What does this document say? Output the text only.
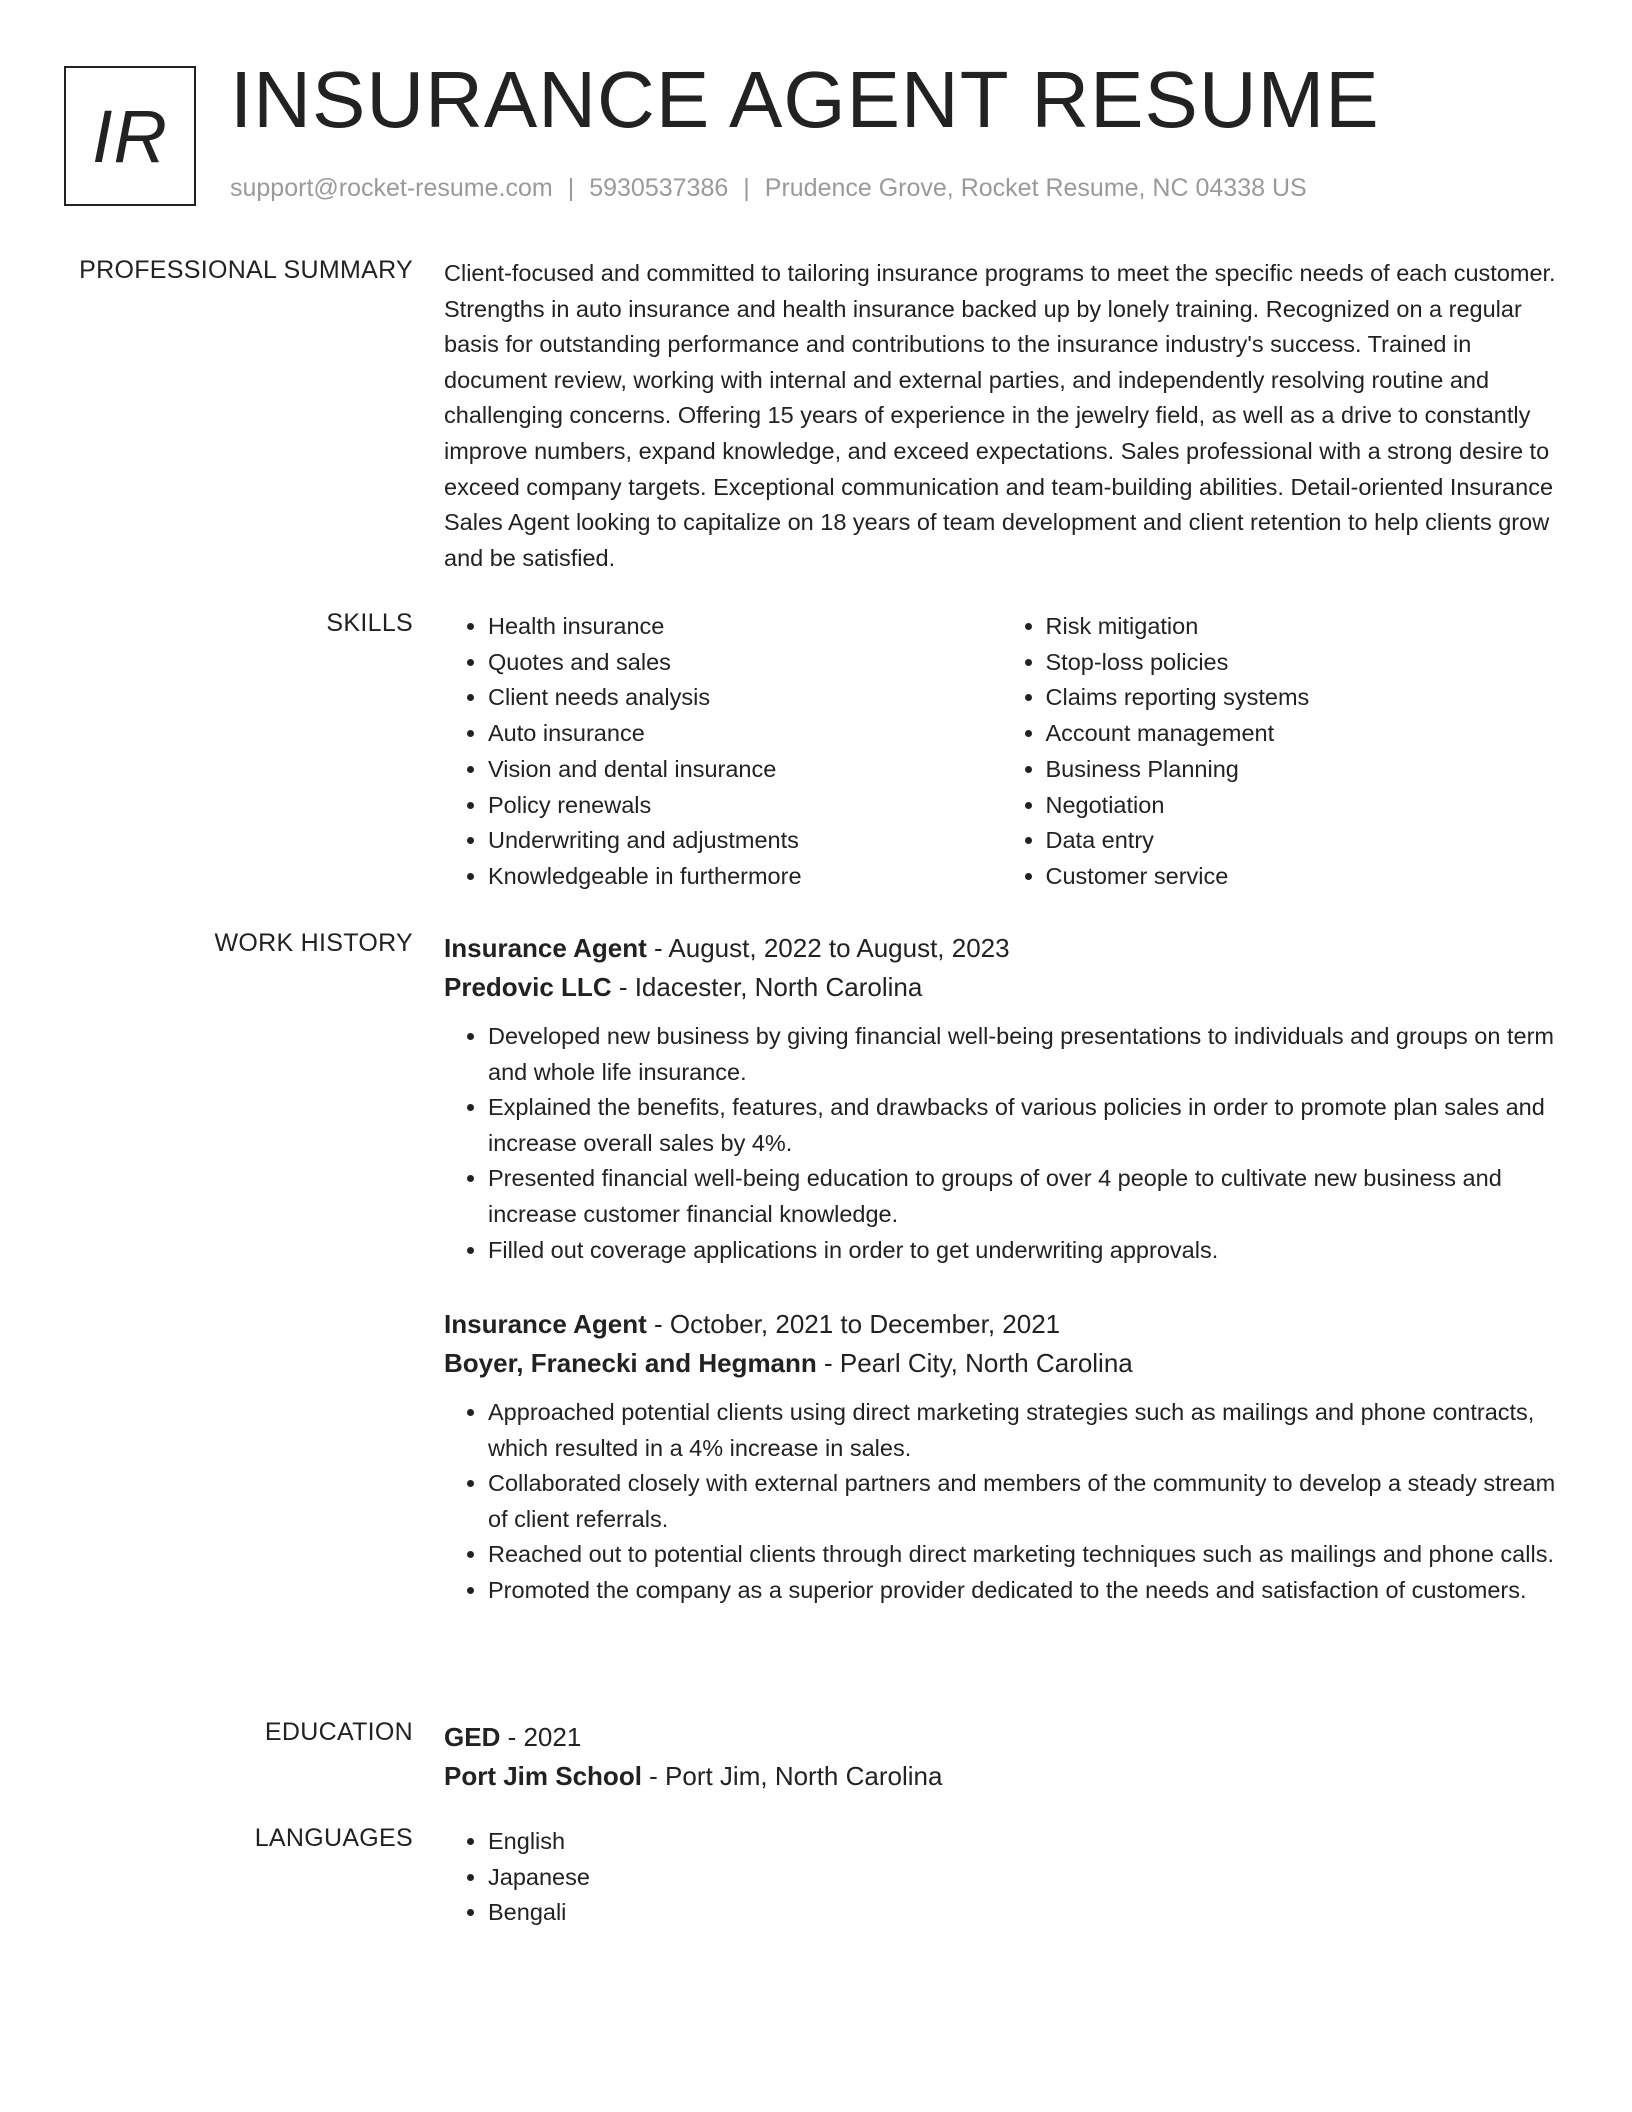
IR INSURANCE AGENT RESUME
support@rocket-resume.com | 5930537386 | Prudence Grove, Rocket Resume, NC 04338 US
PROFESSIONAL SUMMARY Client-focused and committed to tailoring insurance programs to meet the specific needs of each customer. Strengths in auto insurance and health insurance backed up by lonely training. Recognized on a regular basis for outstanding performance and contributions to the insurance industry's success. Trained in document review, working with internal and external parties, and independently resolving routine and challenging concerns. Offering 15 years of experience in the jewelry field, as well as a drive to constantly improve numbers, expand knowledge, and exceed expectations. Sales professional with a strong desire to exceed company targets. Exceptional communication and team-building abilities. Detail-oriented Insurance Sales Agent looking to capitalize on 18 years of team development and client retention to help clients grow and be satisfied.

SKILLS	• Health insurance
• Quotes and sales
• Client needs analysis
• Auto insurance
• Vision and dental insurance
• Policy renewals
• Underwriting and adjustments
• Knowledgeable in furthermore
• Risk mitigation
• Stop-loss policies
• Claims reporting systems
• Account management
• Business Planning
• Negotiation
• Data entry
• Customer service
WORK HISTORY Insurance Agent - August, 2022 to August, 2023
Predovic LLC - Idacester, North Carolina
• Developed new business by giving financial well-being presentations to individuals and groups on term and whole life insurance.
• Explained the benefits, features, and drawbacks of various policies in order to promote plan sales and increase overall sales by 4%.
• Presented financial well-being education to groups of over 4 people to cultivate new business and increase customer financial knowledge.
• Filled out coverage applications in order to get underwriting approvals.
Insurance Agent - October, 2021 to December, 2021
Boyer, Franecki and Hegmann - Pearl City, North Carolina
• Approached potential clients using direct marketing strategies such as mailings and phone contracts, which resulted in a 4% increase in sales.
• Collaborated closely with external partners and members of the community to develop a steady stream of client referrals.
• Reached out to potential clients through direct marketing techniques such as mailings and phone calls.
• Promoted the company as a superior provider dedicated to the needs and satisfaction of customers.
EDUCATION GED - 2021
Port Jim School - Port Jim, North Carolina
LANGUAGES	• English
• Japanese
• Bengali
